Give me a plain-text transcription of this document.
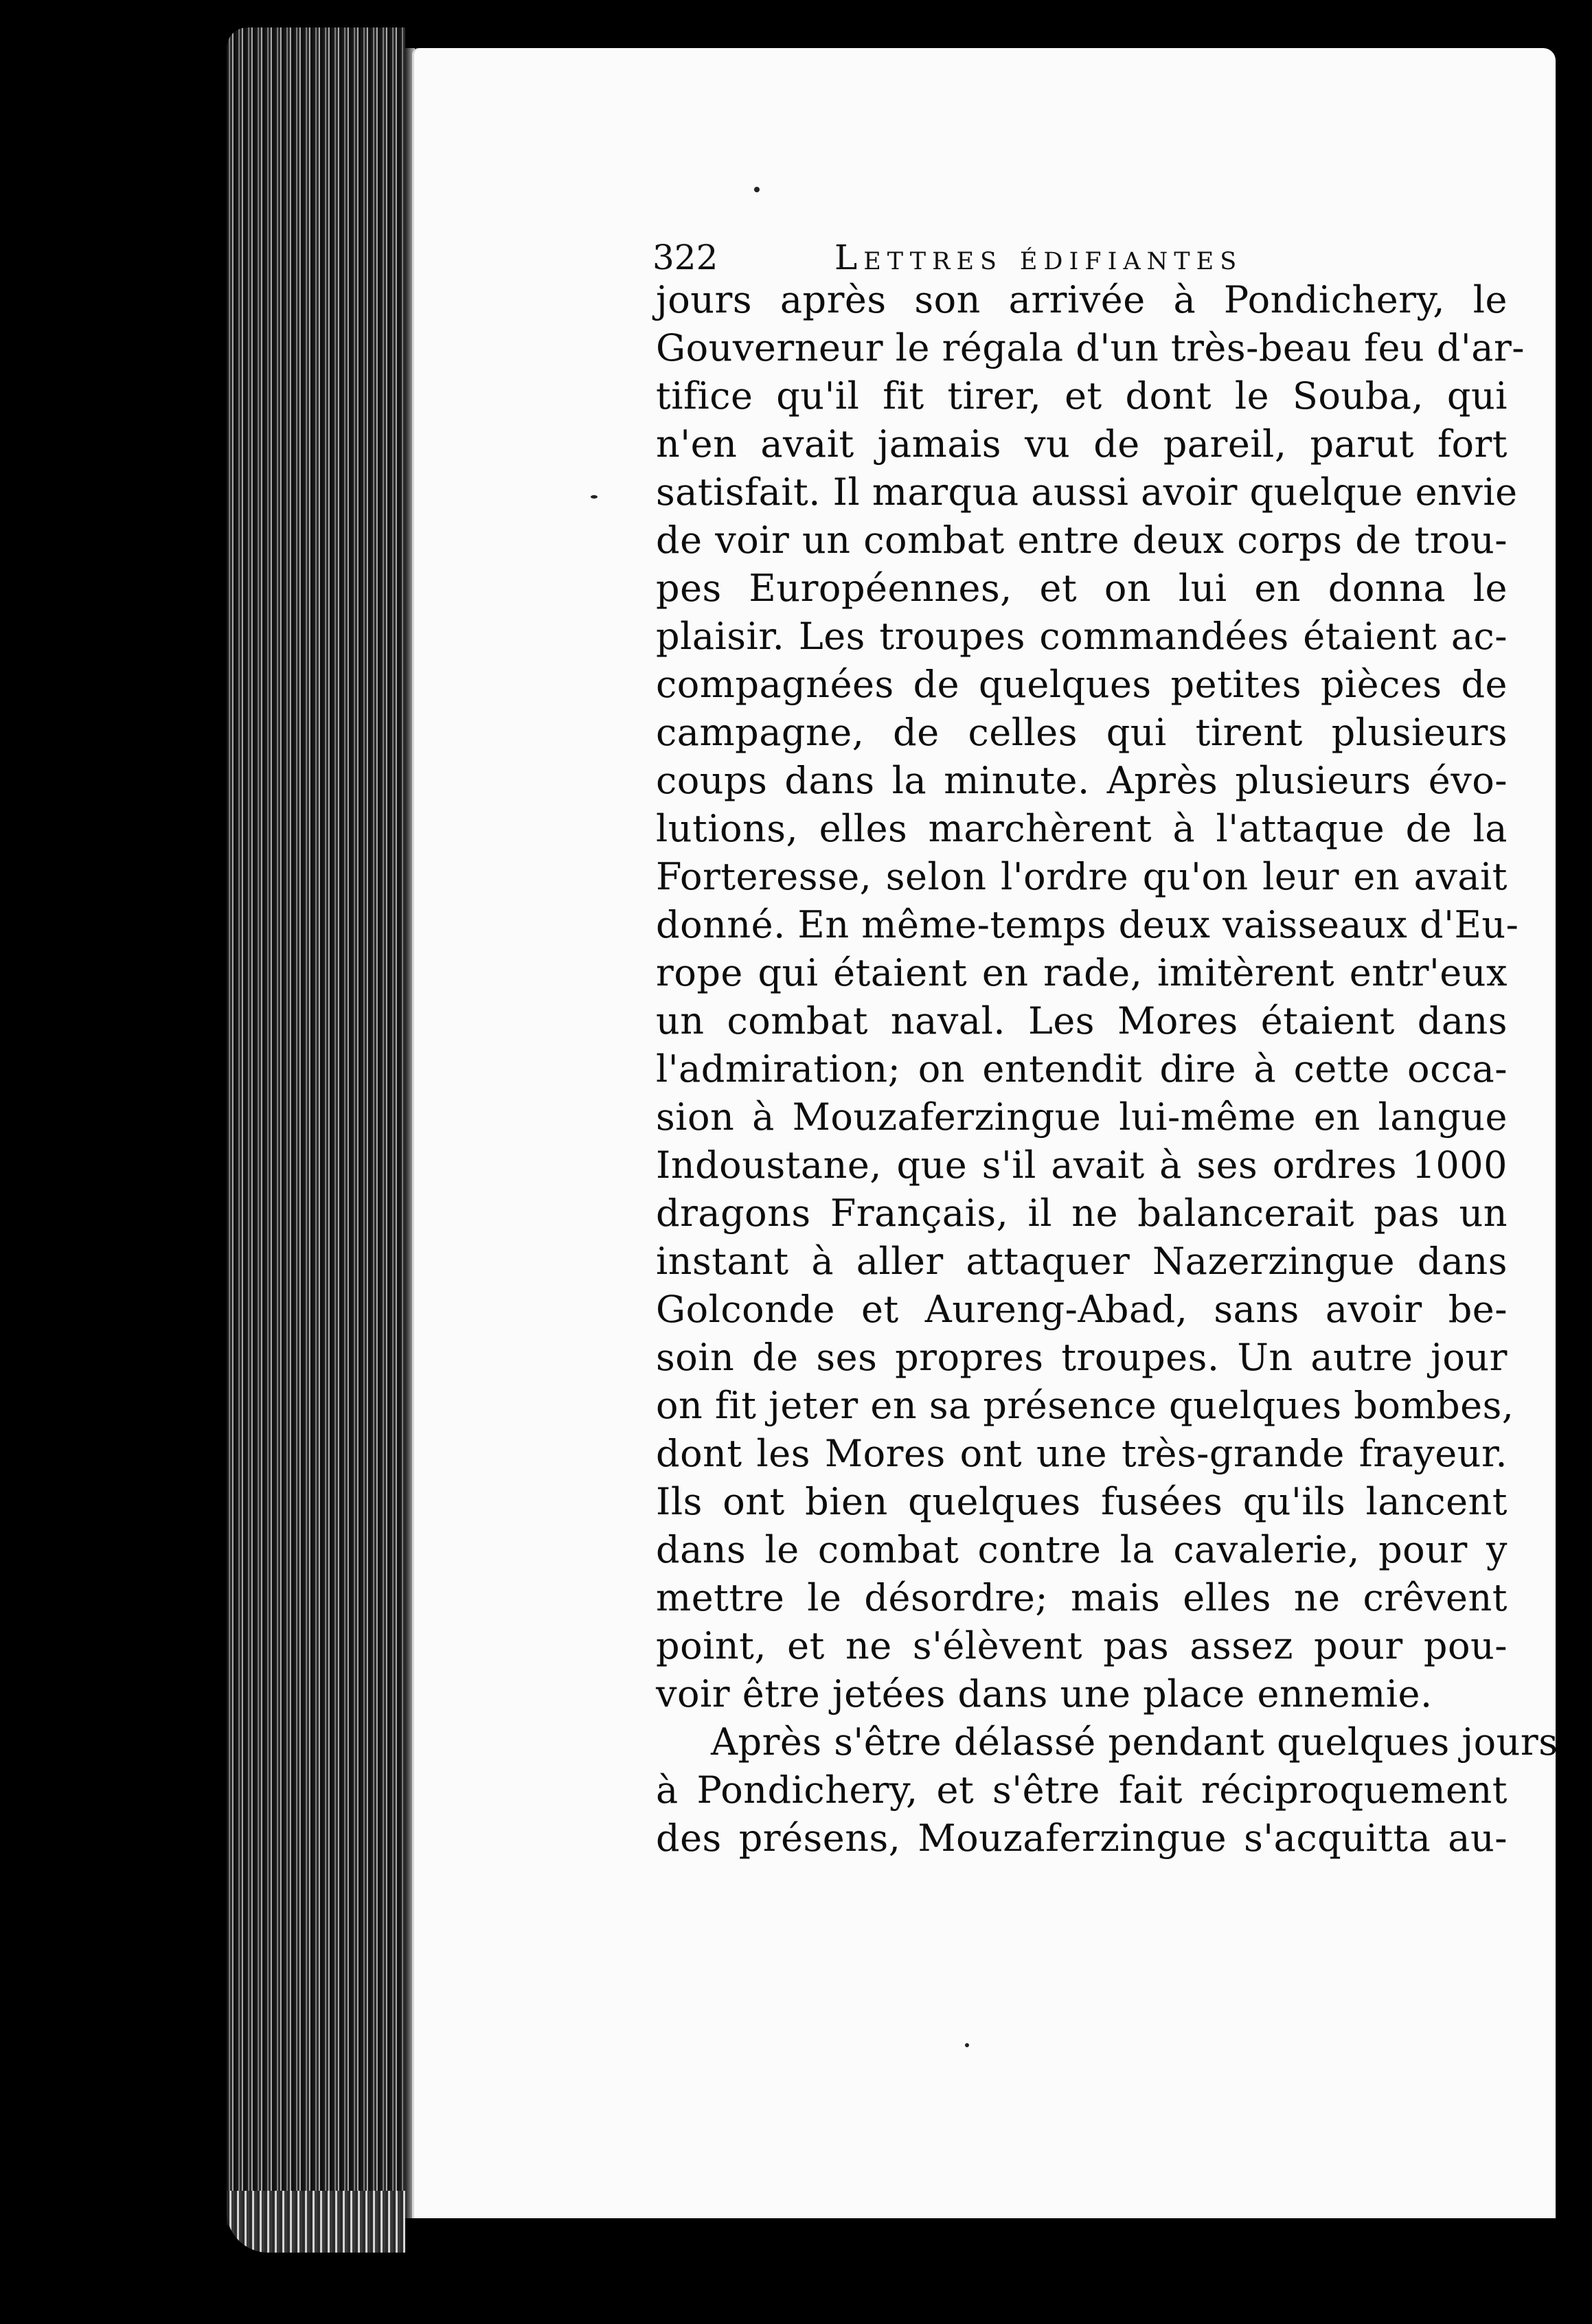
322	Lettres édifiantes
jours après son arrivée à Pondichery, le
Gouverneur le régala d'un très-beau feu d'ar-
tifice qu'il fit tirer, et dont le Souba, qui
n'en avait jamais vu de pareil, parut fort
satisfait. Il marqua aussi avoir quelque envie
de voir un combat entre deux corps de trou-
pes Européennes, et on lui en donna le
plaisir. Les troupes commandées étaient ac-
compagnées de quelques petites pièces de
campagne, de celles qui tirent plusieurs
coups dans la minute. Après plusieurs évo-
lutions, elles marchèrent à l'attaque de la
Forteresse, selon l'ordre qu'on leur en avait
donné. En même-temps deux vaisseaux d'Eu-
rope qui étaient en rade, imitèrent entr'eux
un combat naval. Les Mores étaient dans
l'admiration; on entendit dire à cette occa-
sion à Mouzaferzingue lui-même en langue
Indoustane, que s'il avait à ses ordres 1000
dragons Français, il ne balancerait pas un
instant à aller attaquer Nazerzingue dans
Golconde et Aureng-Abad, sans avoir be-
soin de ses propres troupes. Un autre jour
on fit jeter en sa présence quelques bombes,
dont les Mores ont une très-grande frayeur.
Ils ont bien quelques fusées qu'ils lancent
dans le combat contre la cavalerie, pour y
mettre le désordre; mais elles ne crêvent
point, et ne s'élèvent pas assez pour pou-
voir être jetées dans une place ennemie.
Après s'être délassé pendant quelques jours
à Pondichery, et s'être fait réciproquement
des présens, Mouzaferzingue s'acquitta au-
